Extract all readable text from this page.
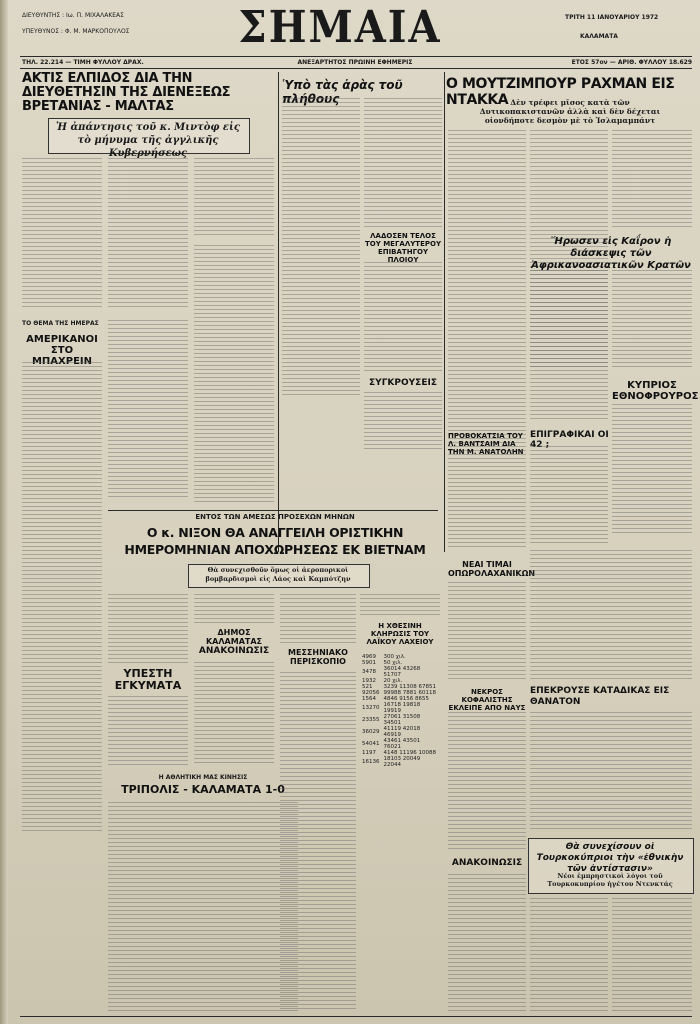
ΔΙΕΥΘΥΝΤΗΣ : Ιω. Π. ΜΙΧΑΛΑΚΕΑΣ
ΥΠΕΥΘΥΝΟΣ : Φ. Μ. ΜΑΡΚΟΠΟΥΛΟΣ	ΣΗΜΑΙΑ	ΤΡΙΤΗ 11 ΙΑΝΟΥΑΡΙΟΥ 1972
ΚΑΛΑΜΑΤΑ
ΤΗΛ. 22.214 — ΤΙΜΗ ΦΥΛΛΟΥ ΔΡΑΧ.	ΑΝΕΞΑΡΤΗΤΟΣ ΠΡΩΙΝΗ ΕΦΗΜΕΡΙΣ	ΕΤΟΣ 57ον — ΑΡΙΘ. ΦΥΛΛΟΥ 18.629
ΑΚΤΙΣ ΕΛΠΙΔΟΣ ΔΙΑ ΤΗΝ ΔΙΕΥΘΕΤΗΣΙΝ ΤΗΣ ΔΙΕΝΕΞΕΩΣ ΒΡΕΤΑΝΙΑΣ - ΜΑΛΤΑΣ
Ἡ ἀπάντησις τοῦ κ. Μιντὸφ εἰς τὸ μήνυμα τῆς ἀγγλικῆς Κυβερνήσεως
ΤΟ ΘΕΜΑ ΤΗΣ ΗΜΕΡΑΣ
ΑΜΕΡΙΚΑΝΟΙ ΣΤΟ ΜΠΑΧΡΕΙΝ
Ὑπὸ τὰς ἀρὰς τοῦ πλήθους
Ο ΜΟΥΤΖΙΜΠΟΥΡ ΡΑΧΜΑΝ ΕΙΣ ΝΤΑΚΚΑ Δὲν τρέφει μῖσος κατὰ τῶν Δυτικοπακιστανῶν ἀλλὰ καὶ δὲν δέχεται οἱονδήποτε δεσμὸν μὲ τὸ Ἰσλαμαμπάντ
ΛΑΔΟΣΕΝ ΤΕΛΟΣ ΤΟΥ ΜΕΓΑΛΥΤΕΡΟΥ ΕΠΙΒΑΤΗΓΟΥ ΠΛΟΙΟΥ
ΣΥΓΚΡΟΥΣΕΙΣ
Ἥρωσεν εἰς Καΐρον ἡ διάσκεψις τῶν Ἀφρικανοασιατικῶν Κρατῶν
ΚΥΠΡΙΟΣ ΕΘΝΟΦΡΟΥΡΟΣ
ΠΡΟΒΟΚΑΤΣΙΑ ΤΟΥ Λ. ΒΑΝΤΣΑΙΜ ΔΙΑ ΤΗΝ Μ. ΑΝΑΤΟΛΗΝ
ΕΠΙΓΡΑΦΙΚΑΙ ΟΙ 42 ;
ΕΝΤΟΣ ΤΩΝ ΑΜΕΣΩΣ ΠΡΟΣΕΧΩΝ ΜΗΝΩΝ
Ο κ. ΝΙΞΟΝ ΘΑ ΑΝΑΓΓΕΙΛΗ ΟΡΙΣΤΙΚΗΝ ΗΜΕΡΟΜΗΝΙΑΝ ΑΠΟΧΩΡΗΣΕΩΣ ΕΚ ΒΙΕΤΝΑΜ
Θὰ συνεχισθοῦν ὅμως οἱ ἀεροπορικοὶ βομβαρδισμοὶ εἰς Λάος καὶ Καμπότζην
ΥΠΕΣΤΗ ΕΓΚΥΜΑΤΑ
Η ΑΘΛΗΤΙΚΗ ΜΑΣ ΚΙΝΗΣΙΣ
ΤΡΙΠΟΛΙΣ - ΚΑΛΑΜΑΤΑ 1-0
ΔΗΜΟΣ ΚΑΛΑΜΑΤΑΣ
ΑΝΑΚΟΙΝΩΣΙΣ	ΜΕΣΣΗΝΙΑΚΟ ΠΕΡΙΣΚΟΠΙΟ
Η ΧΘΕΣΙΝΗ ΚΛΗΡΩΣΙΣ ΤΟΥ ΛΑΪΚΟΥ ΛΑΧΕΙΟΥ
4969	300 χιλ.
5901	50 χιλ.
3478	36014 43268 51707
1932	20 χιλ.
521	3239 11308 67851
92056	99988 7881 60118
1564	4846 9156 8655
13270	16718 19818 19919
23355	27061 31508 34501
36029	41119 42018 46919
54041	43461 43501 76021
1197	4148 11196 10088
16136	18103 20049 22044
ΝΕΑΙ ΤΙΜΑΙ ΟΠΩΡΟΛΑΧΑΝΙΚΩΝ
ΝΕΚΡΟΣ ΚΟΦΑΛΙΣΤΗΣ ΕΚΛΕΙΠΕ ΑΠΟ ΝΑΥΣ
ΑΝΑΚΟΙΝΩΣΙΣ
ΕΠΕΚΡΟΥΣΕ ΚΑΤΑΔΙΚΑΣ ΕΙΣ ΘΑΝΑΤΟΝ
Θὰ συνεχίσουν οἱ Τουρκοκύπριοι τὴν «ἐθνικὴν τῶν ἀντίστασιν»
Νέοι ἐμπρηστικοὶ λόγοι τοῦ Τουρκοκυπρίου ἡγέτου Ντενκτάς
